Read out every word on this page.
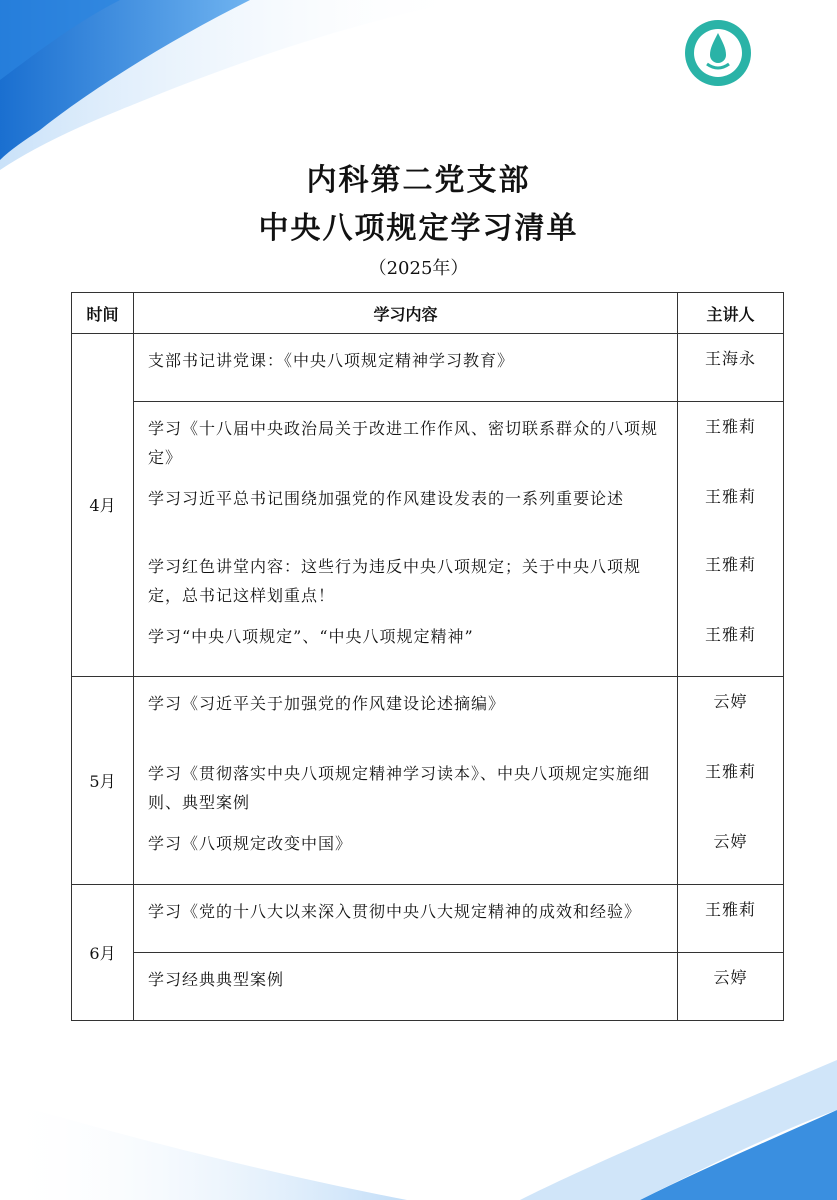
内科第二党支部
中央八项规定学习清单
（2025年）
时间	学习内容	主讲人
4月	支部书记讲党课：《中央八项规定精神学习教育》	王海永
	学习《十八届中央政治局关于改进工作作风、密切联系群众的八项规定》	王雅莉
	学习习近平总书记围绕加强党的作风建设发表的一系列重要论述	王雅莉
	学习红色讲堂内容：这些行为违反中央八项规定；关于中央八项规定，总书记这样划重点！	王雅莉
	学习“中央八项规定”、“中央八项规定精神”	王雅莉
5月	学习《习近平关于加强党的作风建设论述摘编》	云婷
	学习《贯彻落实中央八项规定精神学习读本》、中央八项规定实施细则、典型案例	王雅莉
	学习《八项规定改变中国》	云婷
6月	学习《党的十八大以来深入贯彻中央八大规定精神的成效和经验》	王雅莉
	学习经典典型案例	云婷
